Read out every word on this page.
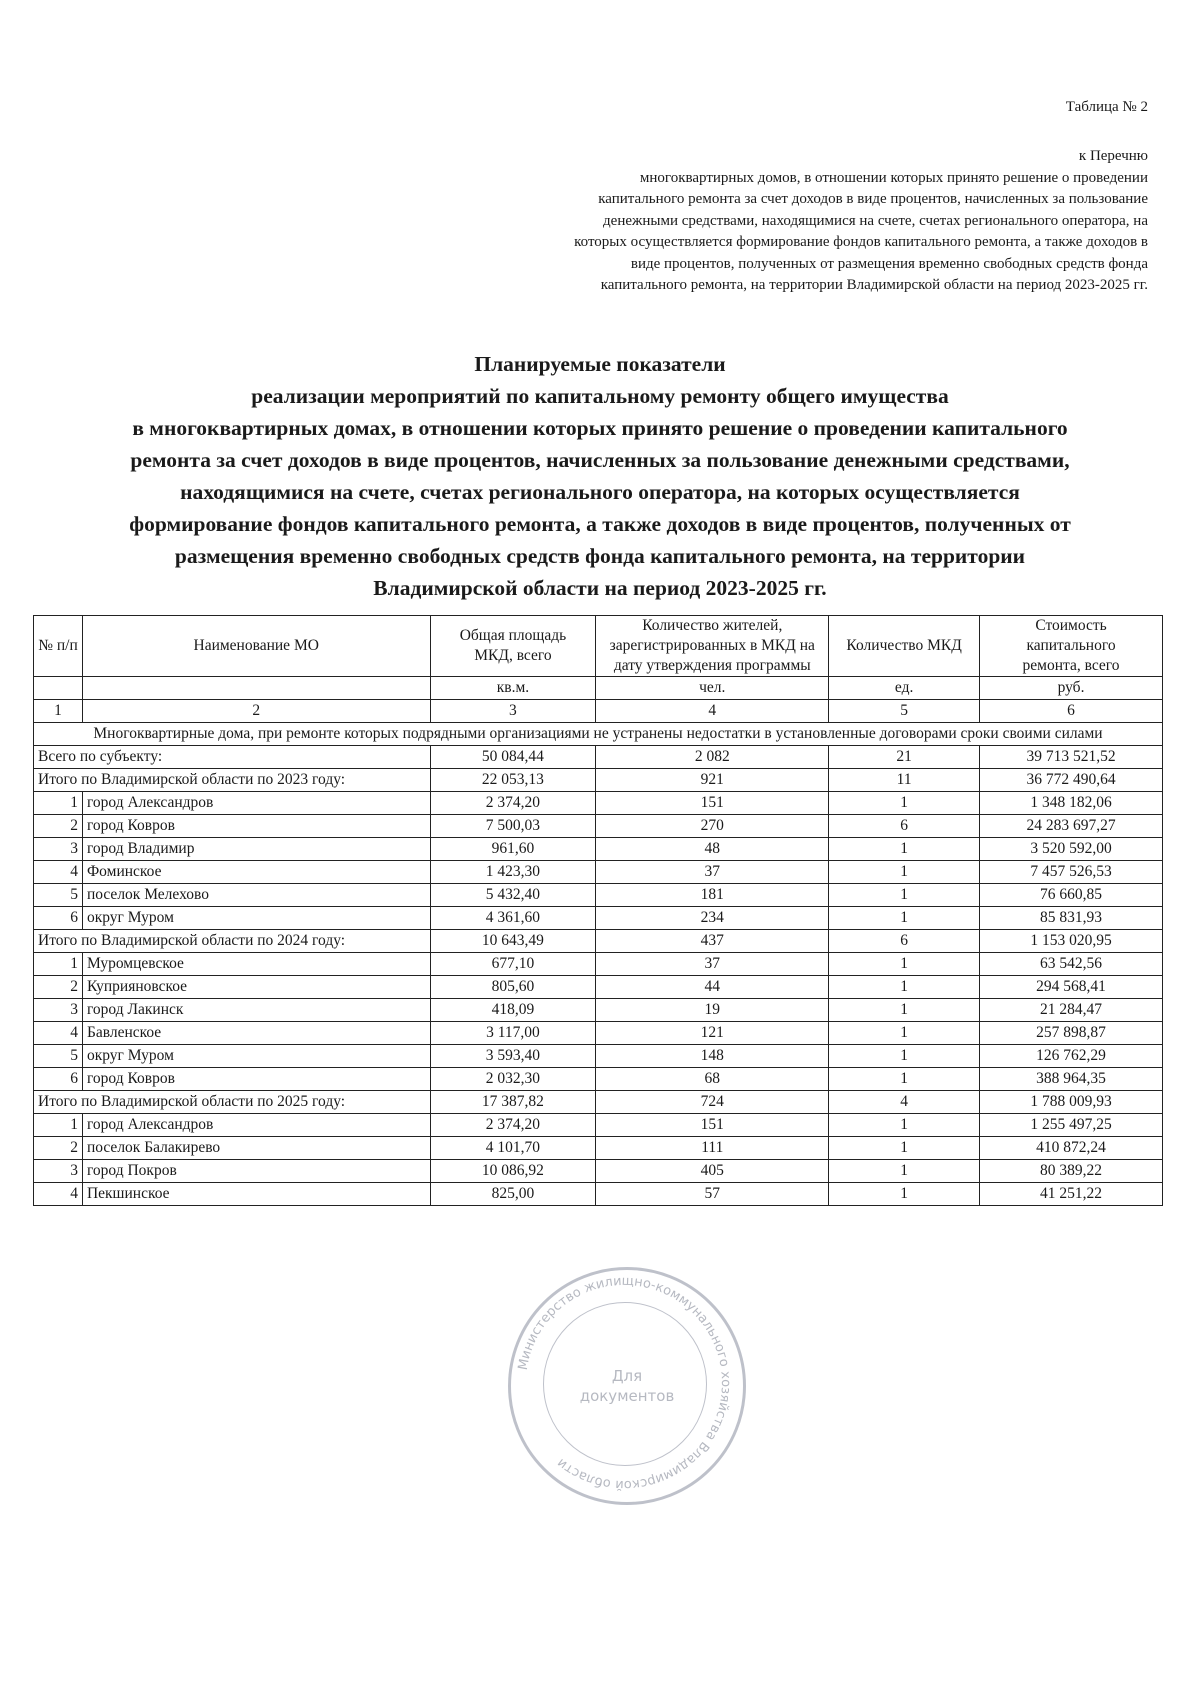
Таблица № 2
к Перечню
многоквартирных домов, в отношении которых принято решение о проведении
капитального ремонта за счет доходов в виде процентов, начисленных за пользование
денежными средствами, находящимися на счете, счетах регионального оператора, на
которых осуществляется формирование фондов капитального ремонта, а также доходов в
виде процентов, полученных от размещения временно свободных средств фонда
капитального ремонта, на территории Владимирской области на период 2023-2025 гг.
Планируемые показатели
реализации мероприятий по капитальному ремонту общего имущества
в многоквартирных домах, в отношении которых принято решение о проведении капитального
ремонта за счет доходов в виде процентов, начисленных за пользование денежными средствами,
находящимися на счете, счетах регионального оператора, на которых осуществляется
формирование фондов капитального ремонта, а также доходов в виде процентов, полученных от
размещения временно свободных средств фонда капитального ремонта, на территории
Владимирской области на период 2023-2025 гг.
№ п/п	Наименование МО	Общая площадь МКД, всего	Количество жителей, зарегистрированных в МКД на дату утверждения программы	Количество МКД	Стоимость капитального ремонта, всего
		кв.м.	чел.	ед.	руб.
1	2	3	4	5	6
Многоквартирные дома, при ремонте которых подрядными организациями не устранены недостатки в установленные договорами сроки своими силами					
Всего по субъекту:		50 084,44	2 082	21	39 713 521,52
Итого по Владимирской области по 2023 году:		22 053,13	921	11	36 772 490,64
1	город Александров	2 374,20	151	1	1 348 182,06
2	город Ковров	7 500,03	270	6	24 283 697,27
3	город Владимир	961,60	48	1	3 520 592,00
4	Фоминское	1 423,30	37	1	7 457 526,53
5	поселок Мелехово	5 432,40	181	1	76 660,85
6	округ Муром	4 361,60	234	1	85 831,93
Итого по Владимирской области по 2024 году:		10 643,49	437	6	1 153 020,95
1	Муромцевское	677,10	37	1	63 542,56
2	Куприяновское	805,60	44	1	294 568,41
3	город Лакинск	418,09	19	1	21 284,47
4	Бавленское	3 117,00	121	1	257 898,87
5	округ Муром	3 593,40	148	1	126 762,29
6	город Ковров	2 032,30	68	1	388 964,35
Итого по Владимирской области по 2025 году:		17 387,82	724	4	1 788 009,93
1	город Александров	2 374,20	151	1	1 255 497,25
2	поселок Балакирево	4 101,70	111	1	410 872,24
3	город Покров	10 086,92	405	1	80 389,22
4	Пекшинское	825,00	57	1	41 251,22
Министерство жилищно-коммунального хозяйства Владимирской области
Для
документов
